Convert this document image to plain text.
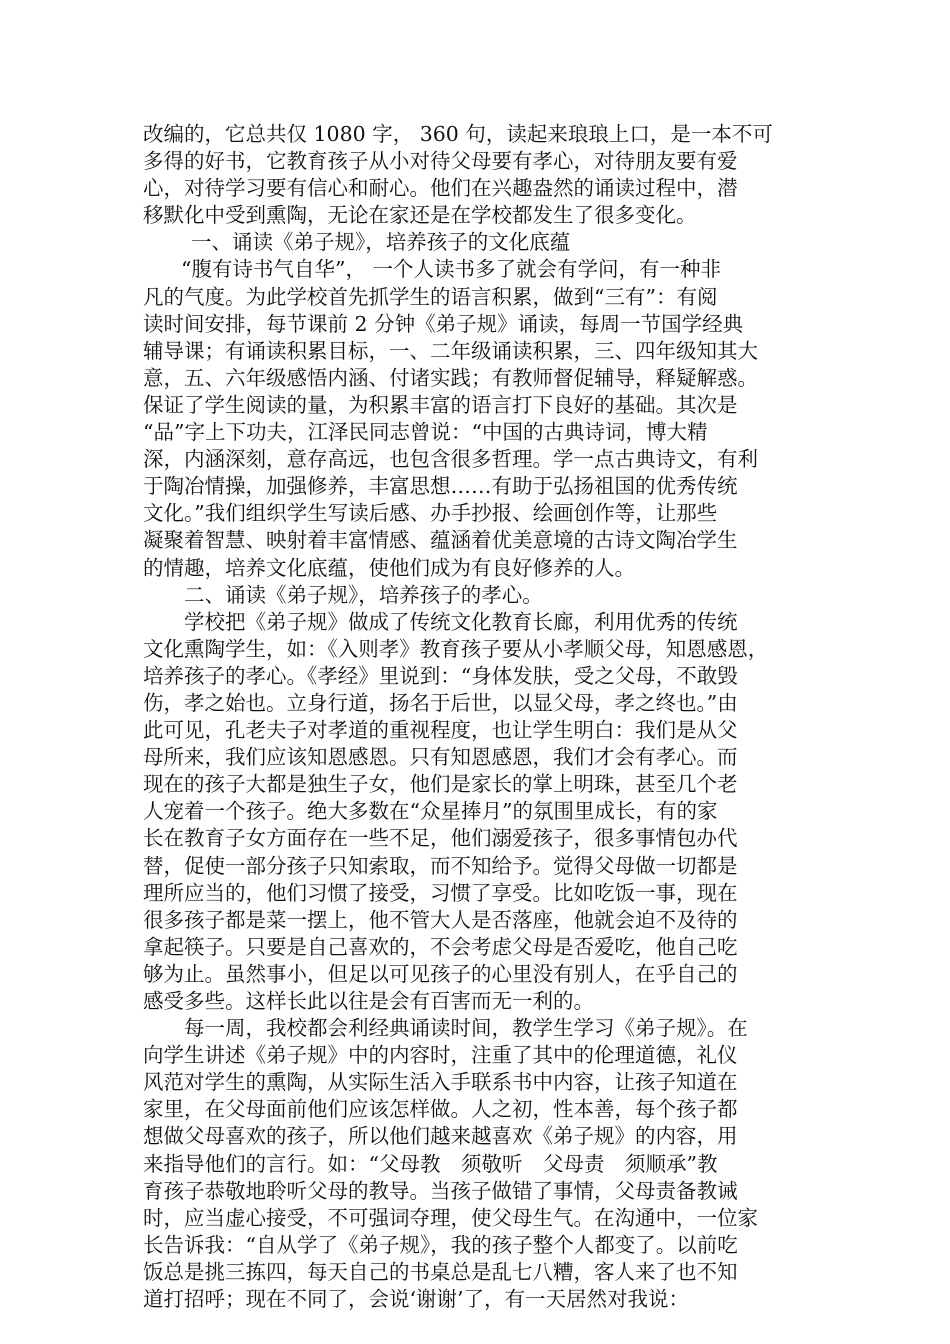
改编的，它总共仅 1080 字， 360 句，读起来琅琅上口，是一本不可
多得的好书，它教育孩子从小对待父母要有孝心，对待朋友要有爱
心，对待学习要有信心和耐心。他们在兴趣盎然的诵读过程中，潜
移默化中受到熏陶，无论在家还是在学校都发生了很多变化。
一、诵读《弟子规》，培养孩子的文化底蕴
“腹有诗书气自华”， 一个人读书多了就会有学问，有一种非
凡的气度。为此学校首先抓学生的语言积累，做到“三有”：有阅
读时间安排，每节课前 2 分钟《弟子规》诵读，每周一节国学经典
辅导课；有诵读积累目标，一、二年级诵读积累，三、四年级知其大
意，五、六年级感悟内涵、付诸实践；有教师督促辅导，释疑解惑。
保证了学生阅读的量，为积累丰富的语言打下良好的基础。其次是
“品”字上下功夫，江泽民同志曾说：“中国的古典诗词，博大精
深，内涵深刻，意存高远，也包含很多哲理。学一点古典诗文，有利
于陶冶情操，加强修养，丰富思想……有助于弘扬祖国的优秀传统
文化。”我们组织学生写读后感、办手抄报、绘画创作等，让那些
凝聚着智慧、映射着丰富情感、蕴涵着优美意境的古诗文陶冶学生
的情趣，培养文化底蕴，使他们成为有良好修养的人。
二、诵读《弟子规》，培养孩子的孝心。
学校把《弟子规》做成了传统文化教育长廊，利用优秀的传统
文化熏陶学生，如：《入则孝》教育孩子要从小孝顺父母，知恩感恩，
培养孩子的孝心。《孝经》里说到：“身体发肤，受之父母，不敢毁
伤，孝之始也。立身行道，扬名于后世，以显父母，孝之终也。”由
此可见，孔老夫子对孝道的重视程度，也让学生明白：我们是从父
母所来，我们应该知恩感恩。只有知恩感恩，我们才会有孝心。而
现在的孩子大都是独生子女，他们是家长的掌上明珠，甚至几个老
人宠着一个孩子。绝大多数在“众星捧月”的氛围里成长，有的家
长在教育子女方面存在一些不足，他们溺爱孩子，很多事情包办代
替，促使一部分孩子只知索取，而不知给予。觉得父母做一切都是
理所应当的，他们习惯了接受，习惯了享受。比如吃饭一事，现在
很多孩子都是菜一摆上，他不管大人是否落座，他就会迫不及待的
拿起筷子。只要是自己喜欢的，不会考虑父母是否爱吃，他自己吃
够为止。虽然事小，但足以可见孩子的心里没有别人，在乎自己的
感受多些。这样长此以往是会有百害而无一利的。
每一周，我校都会利经典诵读时间，教学生学习《弟子规》。在
向学生讲述《弟子规》中的内容时，注重了其中的伦理道德，礼仪
风范对学生的熏陶，从实际生活入手联系书中内容，让孩子知道在
家里，在父母面前他们应该怎样做。人之初，性本善，每个孩子都
想做父母喜欢的孩子，所以他们越来越喜欢《弟子规》的内容，用
来指导他们的言行。如：“父母教　须敬听　父母责　须顺承”教
育孩子恭敬地聆听父母的教导。当孩子做错了事情，父母责备教诫
时，应当虚心接受，不可强词夺理，使父母生气。在沟通中，一位家
长告诉我：“自从学了《弟子规》，我的孩子整个人都变了。以前吃
饭总是挑三拣四，每天自己的书桌总是乱七八糟，客人来了也不知
道打招呼；现在不同了，会说‘谢谢’了，有一天居然对我说：
